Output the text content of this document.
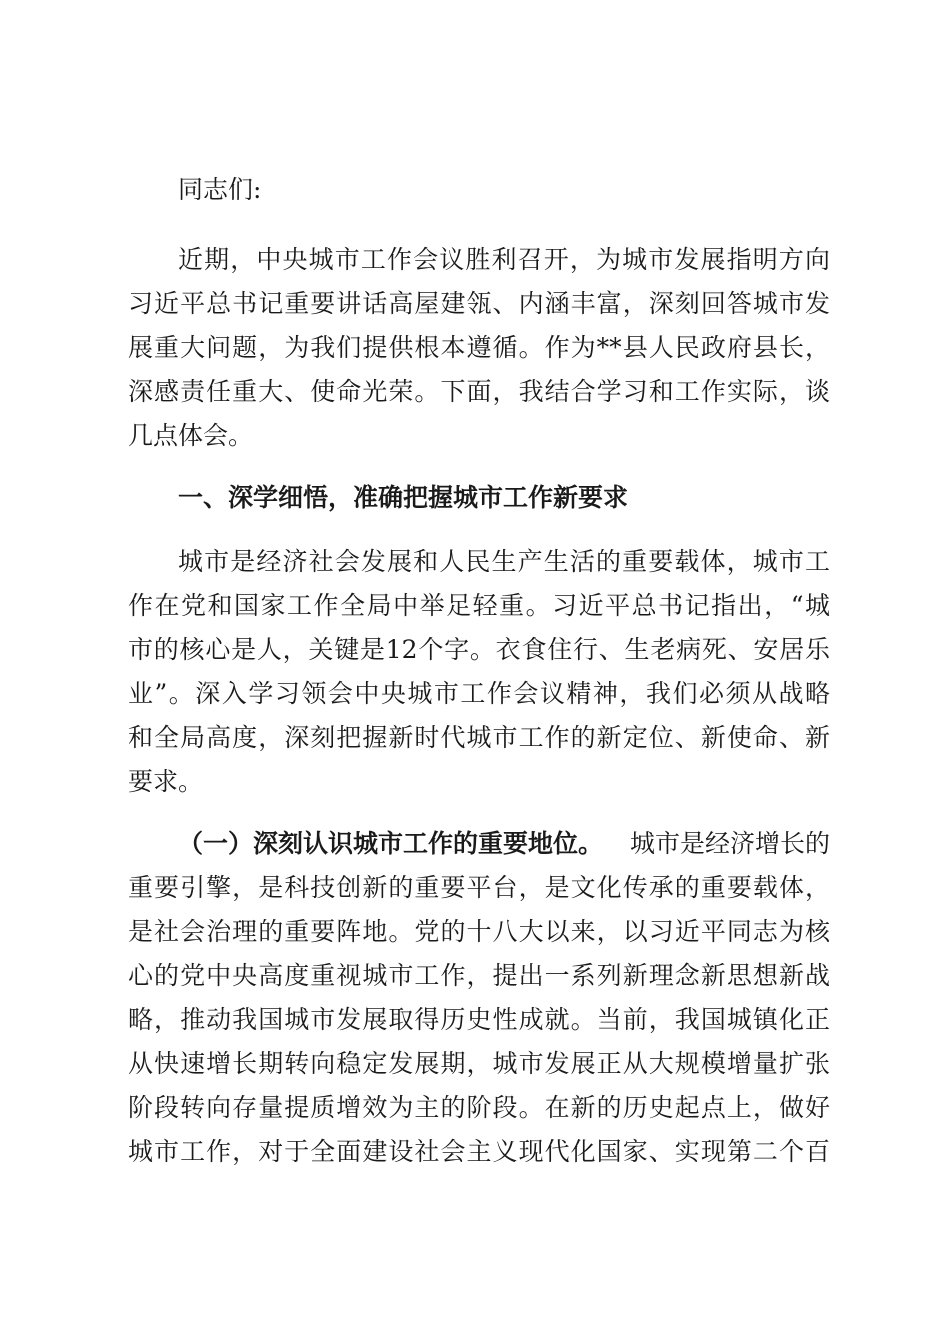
同志们:
近期，中央城市工作会议胜利召开，为城市发展指明方向
习近平总书记重要讲话高屋建瓴、内涵丰富，深刻回答城市发
展重大问题，为我们提供根本遵循。作为**县人民政府县长，
深感责任重大、使命光荣。下面，我结合学习和工作实际，谈
几点体会。
一、深学细悟，准确把握城市工作新要求
城市是经济社会发展和人民生产生活的重要载体，城市工
作在党和国家工作全局中举足轻重。习近平总书记指出，“城
市的核心是人，关键是12个字。衣食住行、生老病死、安居乐
业”。深入学习领会中央城市工作会议精神，我们必须从战略
和全局高度，深刻把握新时代城市工作的新定位、新使命、新
要求。
（一）深刻认识城市工作的重要地位。 城市是经济增长的
重要引擎，是科技创新的重要平台，是文化传承的重要载体，
是社会治理的重要阵地。党的十八大以来，以习近平同志为核
心的党中央高度重视城市工作，提出一系列新理念新思想新战
略，推动我国城市发展取得历史性成就。当前，我国城镇化正
从快速增长期转向稳定发展期，城市发展正从大规模增量扩张
阶段转向存量提质增效为主的阶段。在新的历史起点上，做好
城市工作，对于全面建设社会主义现代化国家、实现第二个百
